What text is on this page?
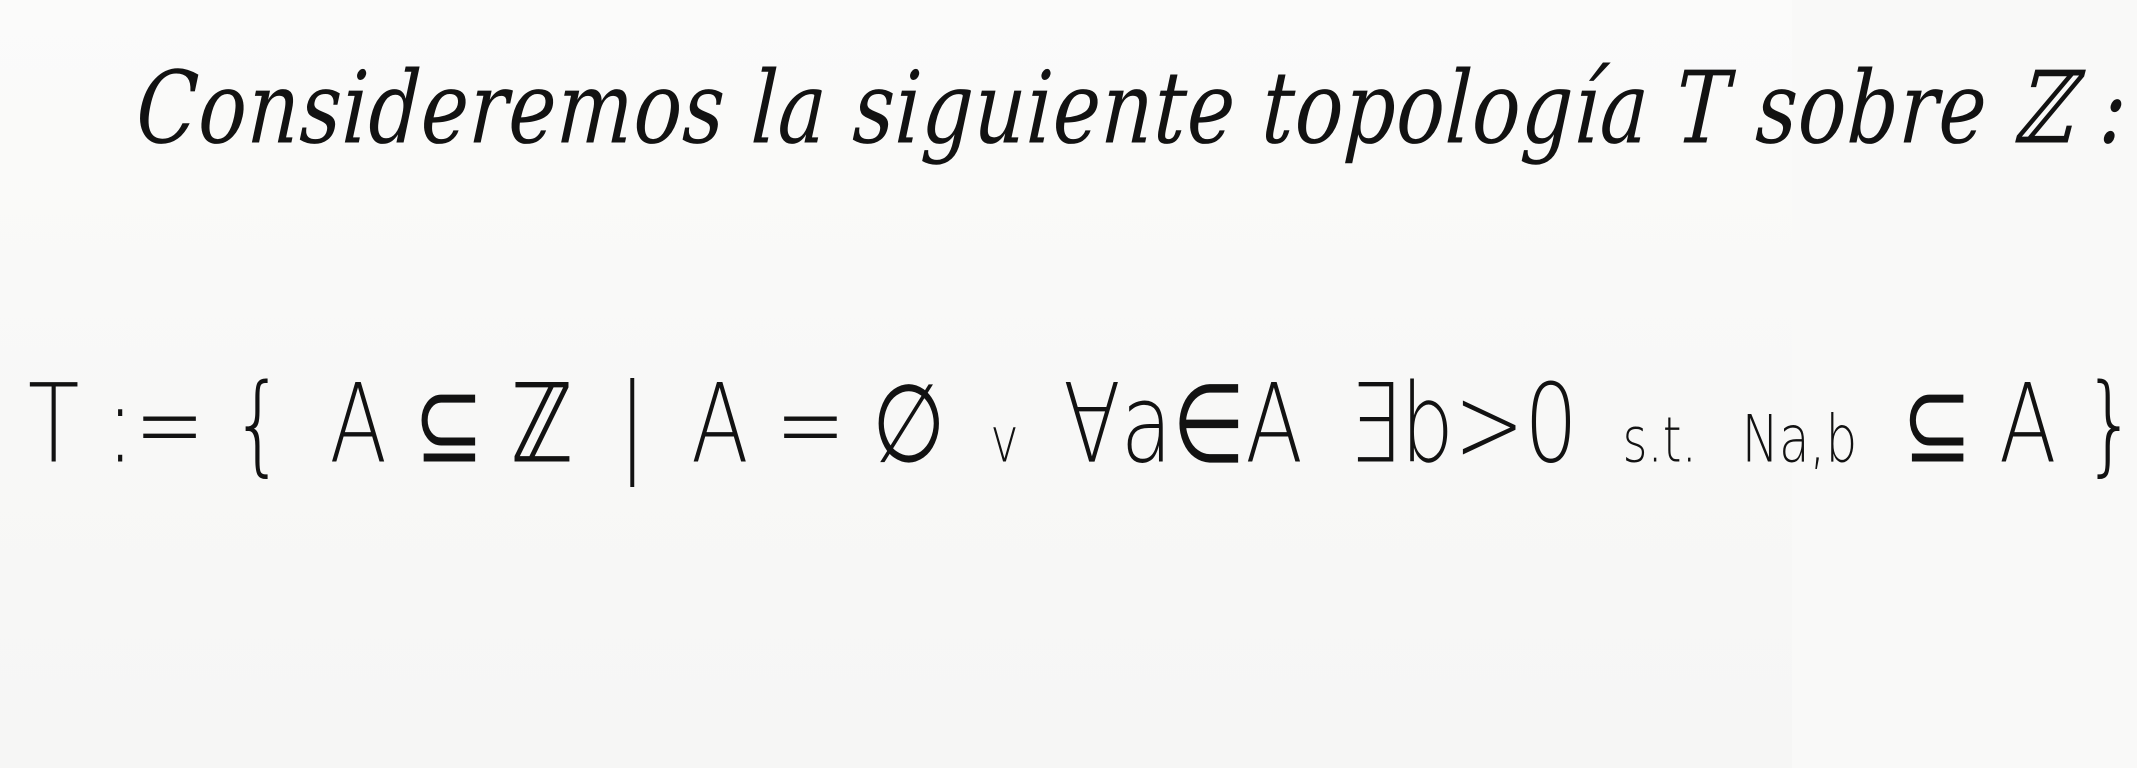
Consideremos la siguiente topología T sobre ℤ :
T := { A ⊆ ℤ | A = ∅ v ∀a∈A ∃b>0 s.t. Na,b ⊆ A }
